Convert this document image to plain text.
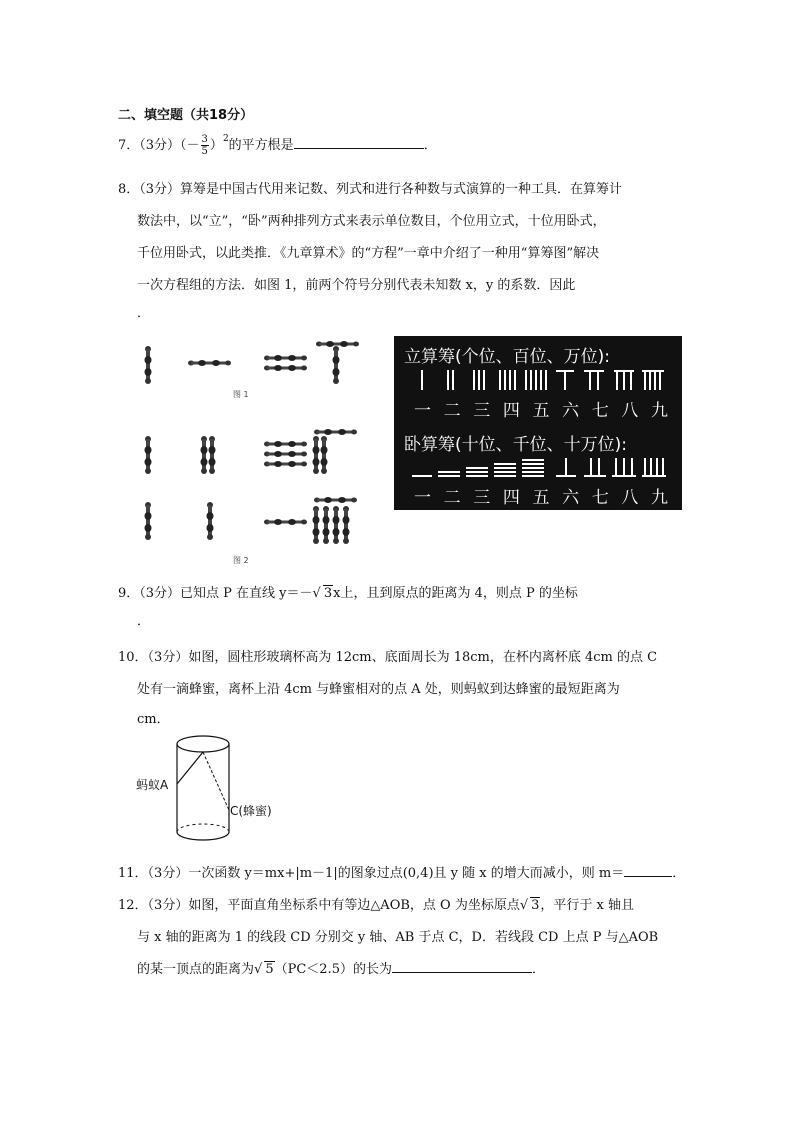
二、填空题（共18分）
7．（3分）（－ $\frac{3}{5} )^2$的平方根是	．
8．（3分）算筹是中国古代用来记数、列式和进行各种数与式演算的一种工具．在算筹计
数法中，以“立”，“卧”两种排列方式来表示单位数目，个位用立式，十位用卧式，
千位用卧式，以此类推．《九章算术》的“方程”一章中介绍了一种用“算筹图”解决
一次方程组的方法．如图 1，前两个符号分别代表未知数 x，y 的系数．因此
．
图 1
图 2
立算筹(个位、百位、万位):
一 二 三 四 五 六 七 八 九
卧算筹(十位、千位、十万位):
一 二 三 四 五 六 七 八 九
9．（3分）已知点 P 在直线 y＝－√ 3x上，且到原点的距离为 4，则点 P 的坐标
．
10．（3分）如图，圆柱形玻璃杯高为 12cm、底面周长为 18cm，在杯内离杯底 4cm 的点 C
处有一滴蜂蜜，离杯上沿 4cm 与蜂蜜相对的点 A 处，则蚂蚁到达蜂蜜的最短距离为
cm．
蚂蚁A
C(蜂蜜)
11．（3分）一次函数 y＝mx+|m－1|的图象过点(0,4)且 y 随 x 的增大而减小，则 m＝	．
12．（3分）如图，平面直角坐标系中有等边△AOB，点 O 为坐标原点√ 3，平行于 x 轴且
与 x 轴的距离为 1 的线段 CD 分别交 y 轴、AB 于点 C，D．若线段 CD 上点 P 与△AOB
的某一顶点的距离为√ 5（PC＜2.5）的长为	．
